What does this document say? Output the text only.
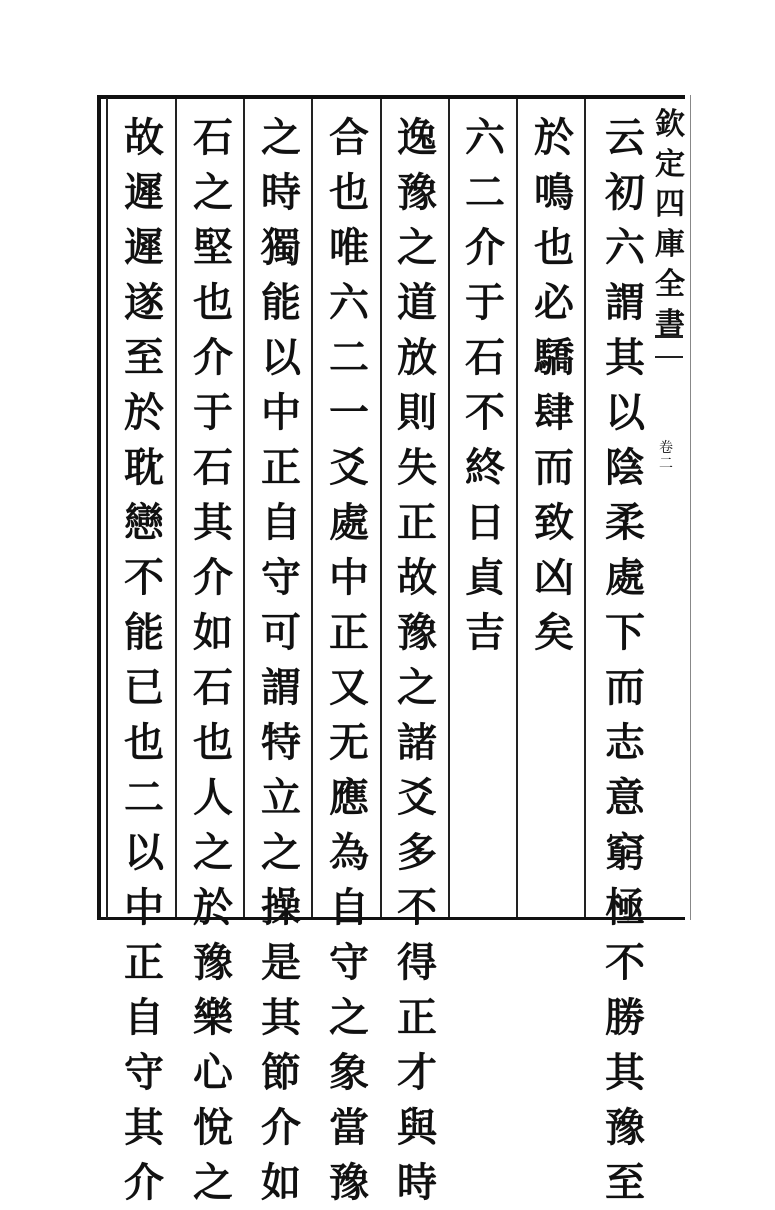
欽
定
四
庫
全
書
卷二
云
初
六
謂
其
以
陰
柔
處
下
而
志
意
窮
極
不
勝
其
豫
至
於
鳴
也
必
驕
肆
而
致
凶
矣
六
二
介
于
石
不
終
日
貞
吉
逸
豫
之
道
放
則
失
正
故
豫
之
諸
爻
多
不
得
正
才
與
時
合
也
唯
六
二
一
爻
處
中
正
又
无
應
為
自
守
之
象
當
豫
之
時
獨
能
以
中
正
自
守
可
謂
特
立
之
操
是
其
節
介
如
石
之
堅
也
介
于
石
其
介
如
石
也
人
之
於
豫
樂
心
悅
之
故
遲
遲
遂
至
於
耽
戀
不
能
已
也
二
以
中
正
自
守
其
介
